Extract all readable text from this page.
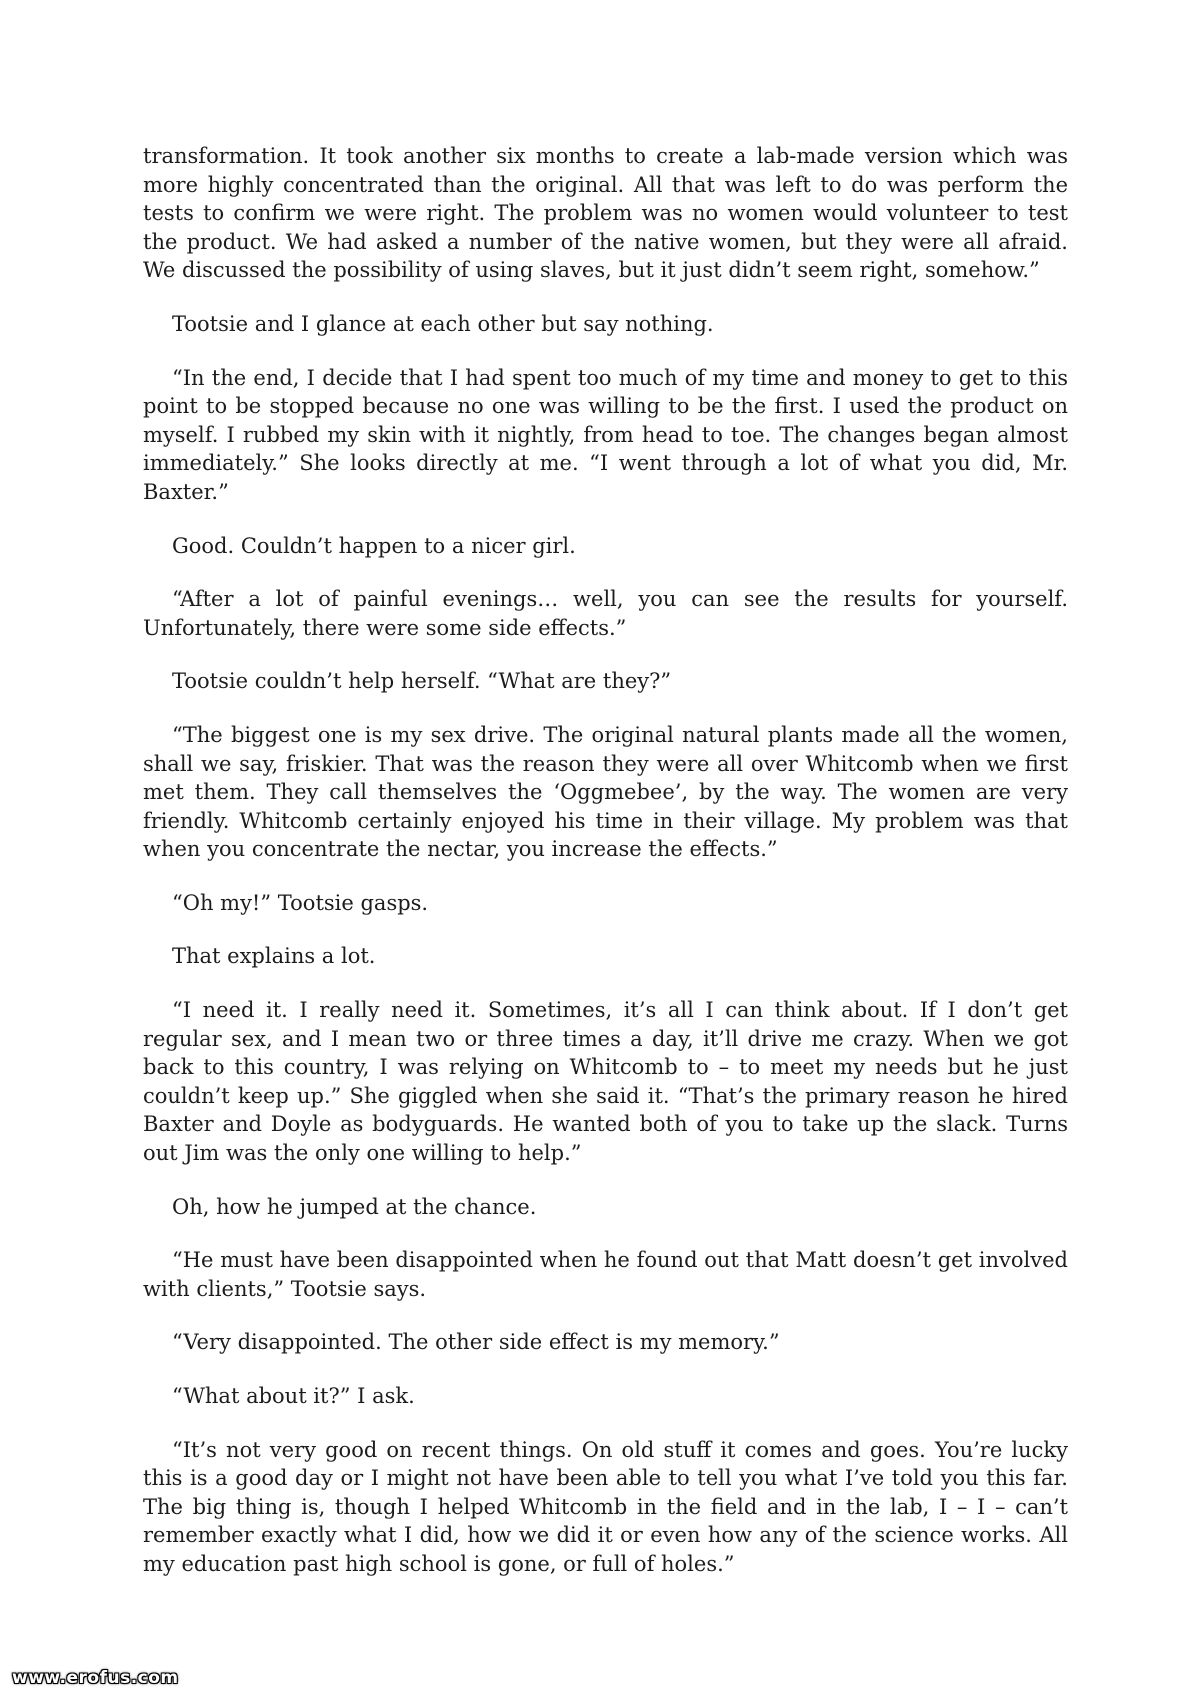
transformation. It took another six months to create a lab-made version which was more highly concentrated than the original. All that was left to do was perform the tests to confirm we were right. The problem was no women would volunteer to test the product. We had asked a number of the native women, but they were all afraid. We discussed the possibility of using slaves, but it just didn’t seem right, somehow.”

Tootsie and I glance at each other but say nothing.

“In the end, I decide that I had spent too much of my time and money to get to this point to be stopped because no one was willing to be the first. I used the product on myself. I rubbed my skin with it nightly, from head to toe. The changes began almost immediately.” She looks directly at me. “I went through a lot of what you did, Mr. Baxter.”

Good. Couldn’t happen to a nicer girl.

“After a lot of painful evenings… well, you can see the results for yourself. Unfortunately, there were some side effects.”

Tootsie couldn’t help herself. “What are they?”

“The biggest one is my sex drive. The original natural plants made all the women, shall we say, friskier. That was the reason they were all over Whitcomb when we first met them. They call themselves the ‘Oggmebee’, by the way. The women are very friendly. Whitcomb certainly enjoyed his time in their village. My problem was that when you concentrate the nectar, you increase the effects.”

“Oh my!” Tootsie gasps.

That explains a lot.

“I need it. I really need it. Sometimes, it’s all I can think about. If I don’t get regular sex, and I mean two or three times a day, it’ll drive me crazy. When we got back to this country, I was relying on Whitcomb to – to meet my needs but he just couldn’t keep up.” She giggled when she said it. “That’s the primary reason he hired Baxter and Doyle as bodyguards. He wanted both of you to take up the slack. Turns out Jim was the only one willing to help.”

Oh, how he jumped at the chance.

“He must have been disappointed when he found out that Matt doesn’t get involved with clients,” Tootsie says.

“Very disappointed. The other side effect is my memory.”

“What about it?” I ask.

“It’s not very good on recent things. On old stuff it comes and goes. You’re lucky this is a good day or I might not have been able to tell you what I’ve told you this far. The big thing is, though I helped Whitcomb in the field and in the lab, I – I – can’t remember exactly what I did, how we did it or even how any of the science works. All my education past high school is gone, or full of holes.”

www.erofus.com
